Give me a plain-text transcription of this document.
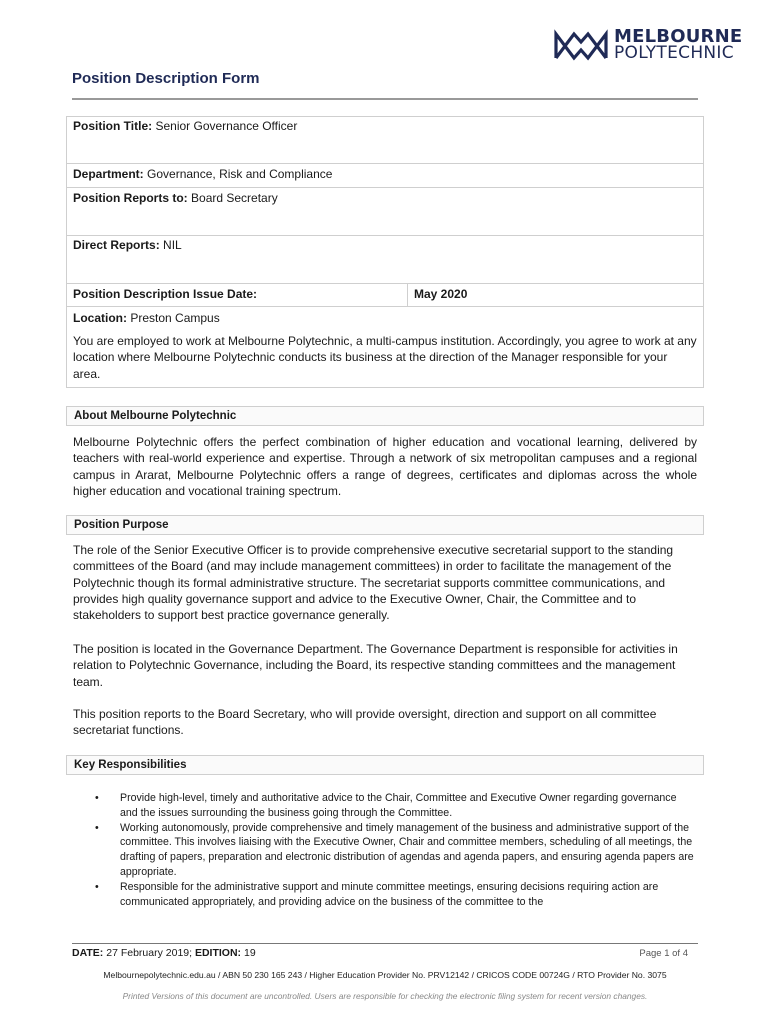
MELBOURNE
POLYTECHNIC
Position Description Form
Position Title: Senior Governance Officer
Department: Governance, Risk and Compliance
Position Reports to: Board Secretary
Direct Reports: NIL
Position Description Issue Date:	May 2020
Location: Preston Campus
You are employed to work at Melbourne Polytechnic, a multi-campus institution. Accordingly, you agree to work at any location where Melbourne Polytechnic conducts its business at the direction of the Manager responsible for your area.
About Melbourne Polytechnic
Melbourne Polytechnic offers the perfect combination of higher education and vocational learning, delivered by teachers with real-world experience and expertise. Through a network of six metropolitan campuses and a regional campus in Ararat, Melbourne Polytechnic offers a range of degrees, certificates and diplomas across the whole higher education and vocational training spectrum.
Position Purpose
The role of the Senior Executive Officer is to provide comprehensive executive secretarial support to the standing committees of the Board (and may include management committees) in order to facilitate the management of the Polytechnic though its formal administrative structure. The secretariat supports committee communications, and provides high quality governance support and advice to the Executive Owner, Chair, the Committee and to stakeholders to support best practice governance generally.
The position is located in the Governance Department. The Governance Department is responsible for activities in relation to Polytechnic Governance, including the Board, its respective standing committees and the management team.
This position reports to the Board Secretary, who will provide oversight, direction and support on all committee secretariat functions.
Key Responsibilities
• Provide high-level, timely and authoritative advice to the Chair, Committee and Executive Owner regarding governance and the issues surrounding the business going through the Committee.
• Working autonomously, provide comprehensive and timely management of the business and administrative support of the committee. This involves liaising with the Executive Owner, Chair and committee members, scheduling of all meetings, the drafting of papers, preparation and electronic distribution of agendas and agenda papers, and ensuring agenda papers are appropriate.
• Responsible for the administrative support and minute committee meetings, ensuring decisions requiring action are communicated appropriately, and providing advice on the business of the committee to the
DATE: 27 February 2019; EDITION: 19	Page 1 of 4
Melbournepolytechnic.edu.au / ABN 50 230 165 243 / Higher Education Provider No. PRV12142 / CRICOS CODE 00724G / RTO Provider No. 3075
Printed Versions of this document are uncontrolled. Users are responsible for checking the electronic filing system for recent version changes.
